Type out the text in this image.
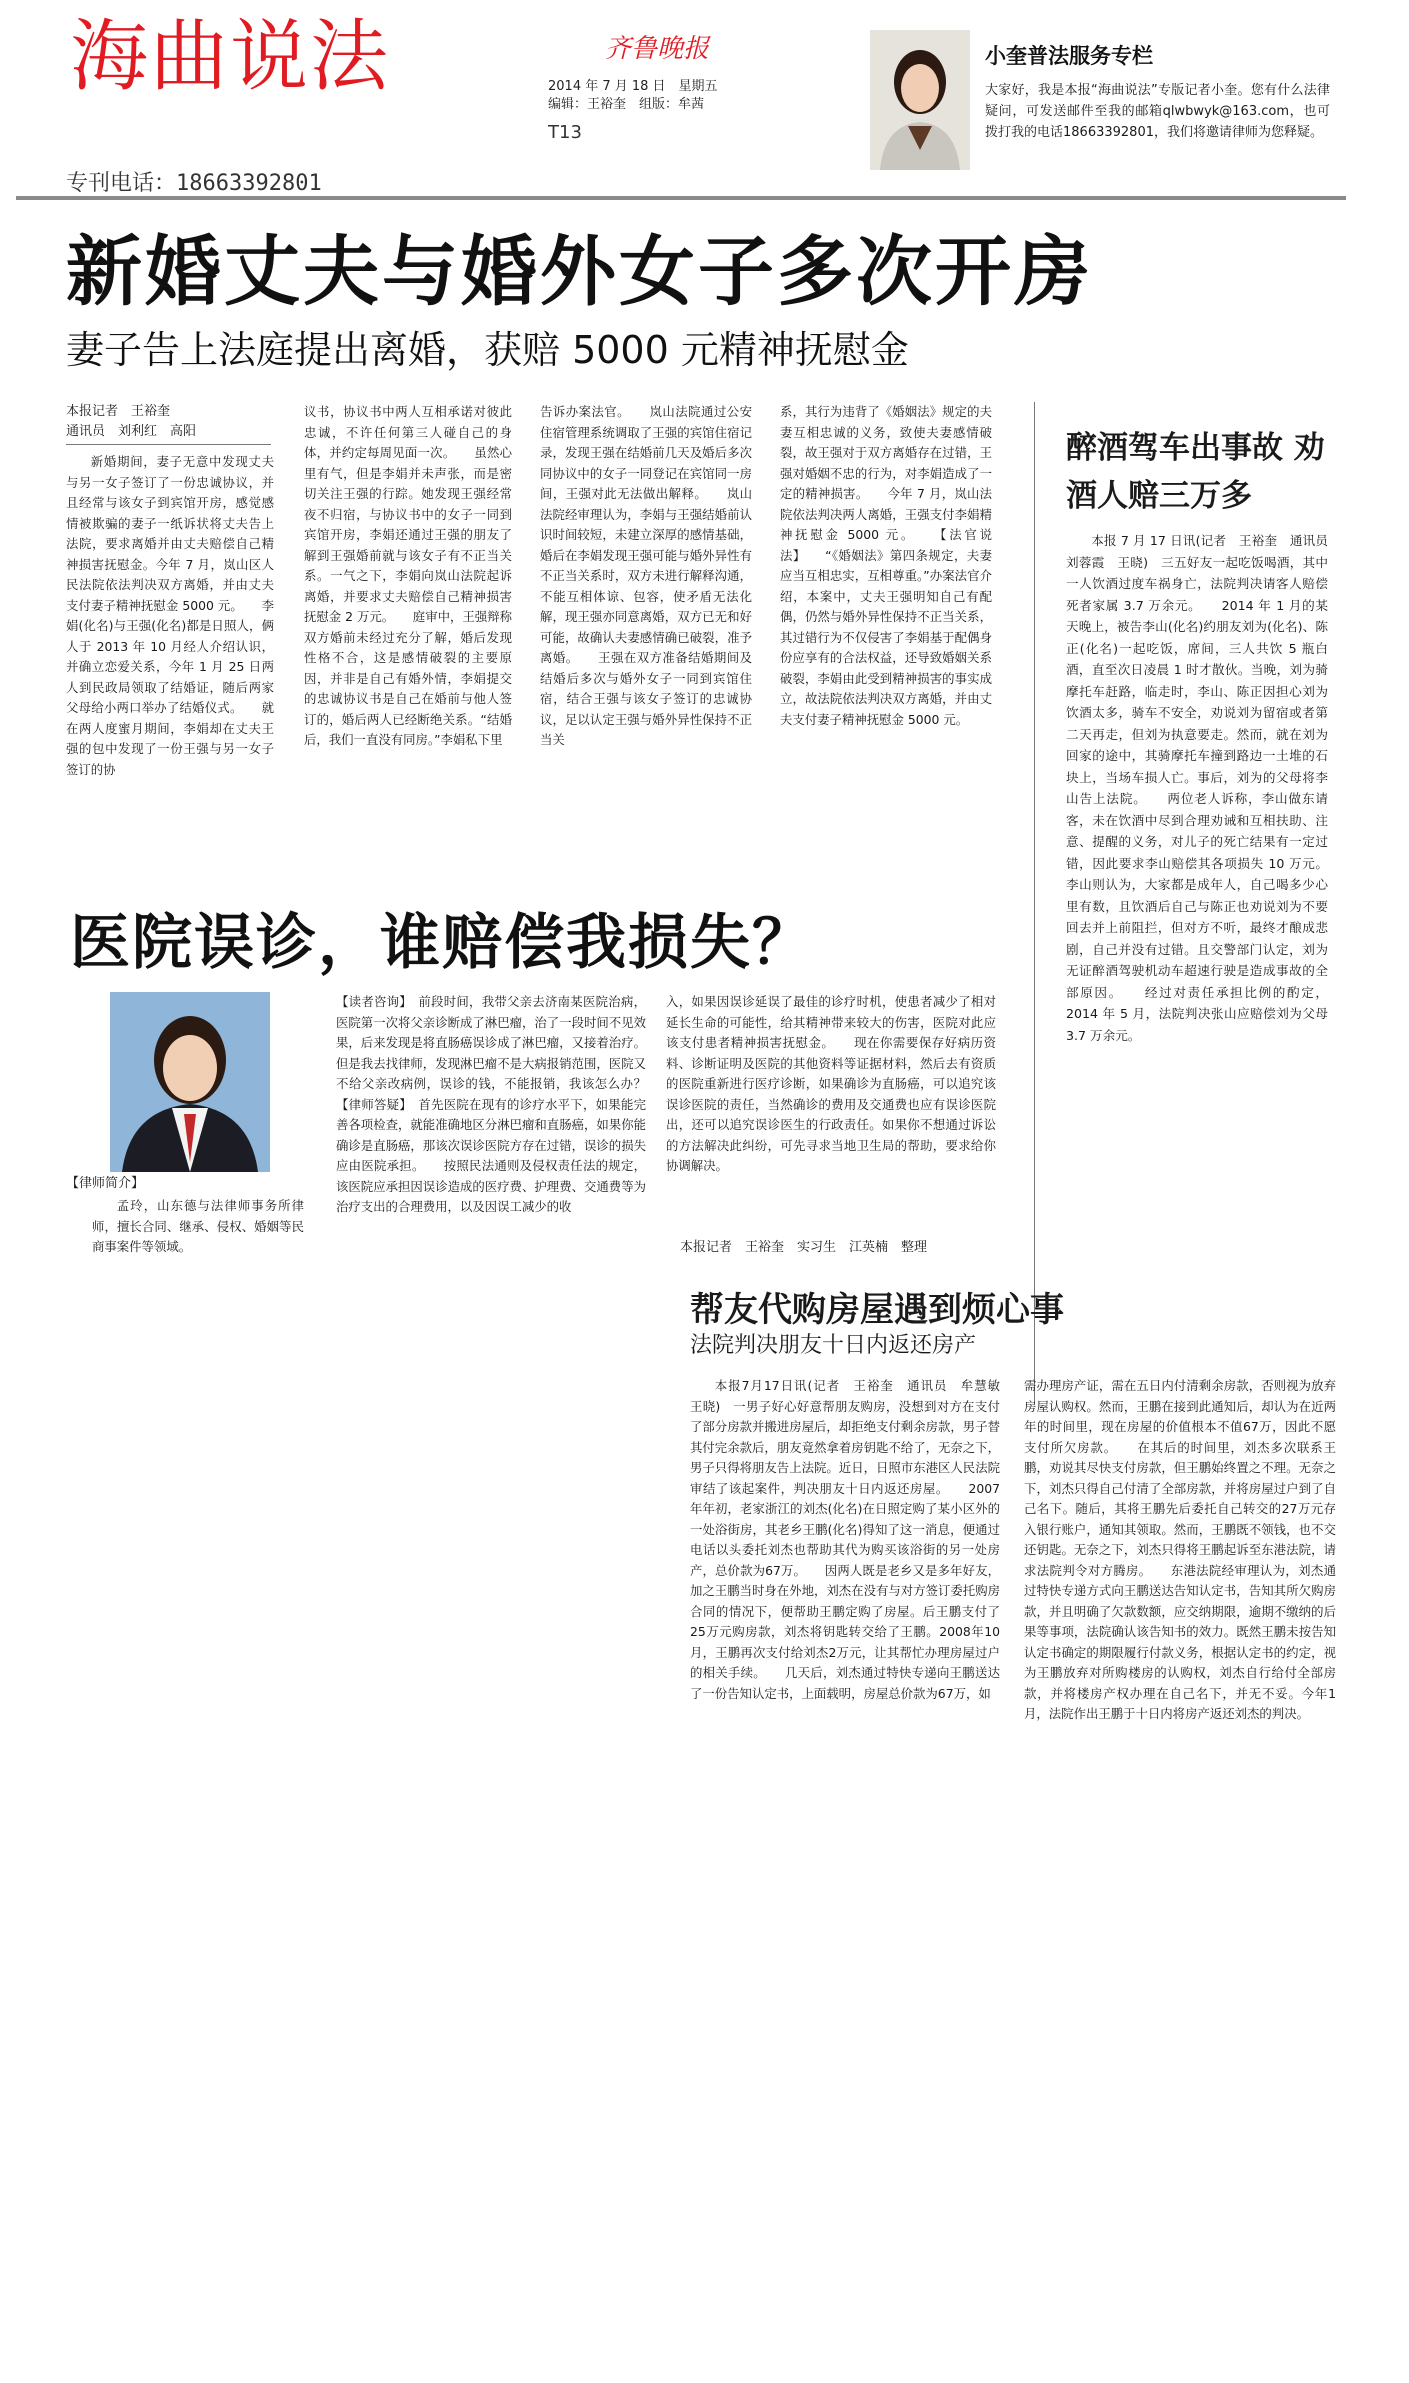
海曲说法	齐鲁晚报
2014 年 7 月 18 日　星期五
编辑：王裕奎　组版：牟茜
T13
专刊电话：18663392801
小奎普法服务专栏
大家好，我是本报“海曲说法”专版记者小奎。您有什么法律疑问，可发送邮件至我的邮箱qlwbwyk@163.com，也可拨打我的电话18663392801，我们将邀请律师为您释疑。
新婚丈夫与婚外女子多次开房
妻子告上法庭提出离婚，获赔 5000 元精神抚慰金
本报记者　王裕奎
通讯员　刘利红　高阳
新婚期间，妻子无意中发现丈夫与另一女子签订了一份忠诚协议，并且经常与该女子到宾馆开房，感觉感情被欺骗的妻子一纸诉状将丈夫告上法院，要求离婚并由丈夫赔偿自己精神损害抚慰金。今年 7 月，岚山区人民法院依法判决双方离婚，并由丈夫支付妻子精神抚慰金 5000 元。　　李娟(化名)与王强(化名)都是日照人，俩人于 2013 年 10 月经人介绍认识，并确立恋爱关系，今年 1 月 25 日两人到民政局领取了结婚证，随后两家父母给小两口举办了结婚仪式。　　就在两人度蜜月期间，李娟却在丈夫王强的包中发现了一份王强与另一女子签订的协
议书，协议书中两人互相承诺对彼此忠诚，不许任何第三人碰自己的身体，并约定每周见面一次。　　虽然心里有气，但是李娟并未声张，而是密切关注王强的行踪。她发现王强经常夜不归宿，与协议书中的女子一同到宾馆开房，李娟还通过王强的朋友了解到王强婚前就与该女子有不正当关系。一气之下，李娟向岚山法院起诉离婚，并要求丈夫赔偿自己精神损害抚慰金 2 万元。　　庭审中，王强辩称双方婚前未经过充分了解，婚后发现性格不合，这是感情破裂的主要原因，并非是自己有婚外情，李娟提交的忠诚协议书是自己在婚前与他人签订的，婚后两人已经断绝关系。“结婚后，我们一直没有同房。”李娟私下里
告诉办案法官。　　岚山法院通过公安住宿管理系统调取了王强的宾馆住宿记录，发现王强在结婚前几天及婚后多次同协议中的女子一同登记在宾馆同一房间，王强对此无法做出解释。　　岚山法院经审理认为，李娟与王强结婚前认识时间较短，未建立深厚的感情基础，婚后在李娟发现王强可能与婚外异性有不正当关系时，双方未进行解释沟通，不能互相体谅、包容，使矛盾无法化解，现王强亦同意离婚，双方已无和好可能，故确认夫妻感情确已破裂，准予离婚。　　王强在双方准备结婚期间及结婚后多次与婚外女子一同到宾馆住宿，结合王强与该女子签订的忠诚协议，足以认定王强与婚外异性保持不正当关
系，其行为违背了《婚姻法》规定的夫妻互相忠诚的义务，致使夫妻感情破裂，故王强对于双方离婚存在过错，王强对婚姻不忠的行为，对李娟造成了一定的精神损害。　　今年 7 月，岚山法院依法判决两人离婚，王强支付李娟精神抚慰金 5000 元。　　【法官说法】　　“《婚姻法》第四条规定，夫妻应当互相忠实，互相尊重。”办案法官介绍，本案中，丈夫王强明知自己有配偶，仍然与婚外异性保持不正当关系，其过错行为不仅侵害了李娟基于配偶身份应享有的合法权益，还导致婚姻关系破裂，李娟由此受到精神损害的事实成立，故法院依法判决双方离婚，并由丈夫支付妻子精神抚慰金 5000 元。
醉酒驾车出事故 劝酒人赔三万多
本报 7 月 17 日讯(记者　王裕奎　通讯员　刘蓉霞　王晓)　三五好友一起吃饭喝酒，其中一人饮酒过度车祸身亡，法院判决请客人赔偿死者家属 3.7 万余元。　　2014 年 1 月的某天晚上，被告李山(化名)约朋友刘为(化名)、陈正(化名)一起吃饭，席间，三人共饮 5 瓶白酒，直至次日凌晨 1 时才散伙。当晚，刘为骑摩托车赶路，临走时，李山、陈正因担心刘为饮酒太多，骑车不安全，劝说刘为留宿或者第二天再走，但刘为执意要走。然而，就在刘为回家的途中，其骑摩托车撞到路边一土堆的石块上，当场车损人亡。事后，刘为的父母将李山告上法院。　　两位老人诉称，李山做东请客，未在饮酒中尽到合理劝诫和互相扶助、注意、提醒的义务，对儿子的死亡结果有一定过错，因此要求李山赔偿其各项损失 10 万元。李山则认为，大家都是成年人，自己喝多少心里有数，且饮酒后自己与陈正也劝说刘为不要回去并上前阻拦，但对方不听，最终才酿成悲剧，自己并没有过错。且交警部门认定，刘为无证醉酒驾驶机动车超速行驶是造成事故的全部原因。　　经过对责任承担比例的酌定，2014 年 5 月，法院判决张山应赔偿刘为父母 3.7 万余元。
医院误诊，谁赔偿我损失？
【律师简介】
孟玲，山东德与法律师事务所律师，擅长合同、继承、侵权、婚姻等民商事案件等领域。
【读者咨询】　前段时间，我带父亲去济南某医院治病，医院第一次将父亲诊断成了淋巴瘤，治了一段时间不见效果，后来发现是将直肠癌误诊成了淋巴瘤，又接着治疗。但是我去找律师，发现淋巴瘤不是大病报销范围，医院又不给父亲改病例，误诊的钱，不能报销，我该怎么办？　　【律师答疑】　首先医院在现有的诊疗水平下，如果能完善各项检查，就能准确地区分淋巴瘤和直肠癌，如果你能确诊是直肠癌，那该次误诊医院方存在过错，误诊的损失应由医院承担。　　按照民法通则及侵权责任法的规定，该医院应承担因误诊造成的医疗费、护理费、交通费等为治疗支出的合理费用，以及因误工减少的收
入，如果因误诊延误了最佳的诊疗时机，使患者减少了相对延长生命的可能性，给其精神带来较大的伤害，医院对此应该支付患者精神损害抚慰金。　　现在你需要保存好病历资料、诊断证明及医院的其他资料等证据材料，然后去有资质的医院重新进行医疗诊断，如果确诊为直肠癌，可以追究该误诊医院的责任，当然确诊的费用及交通费也应有误诊医院出，还可以追究误诊医生的行政责任。如果你不想通过诉讼的方法解决此纠纷，可先寻求当地卫生局的帮助，要求给你协调解决。
本报记者　王裕奎　实习生　江英楠　整理
帮友代购房屋遇到烦心事
法院判决朋友十日内返还房产
本报7月17日讯(记者　王裕奎　通讯员　牟慧敏　王晓)　一男子好心好意帮朋友购房，没想到对方在支付了部分房款并搬进房屋后，却拒绝支付剩余房款，男子替其付完余款后，朋友竟然拿着房钥匙不给了，无奈之下，男子只得将朋友告上法院。近日，日照市东港区人民法院审结了该起案件，判决朋友十日内返还房屋。　　2007年年初，老家浙江的刘杰(化名)在日照定购了某小区外的一处浴街房，其老乡王鹏(化名)得知了这一消息，便通过电话以头委托刘杰也帮助其代为购买该浴街的另一处房产，总价款为67万。　　因两人既是老乡又是多年好友，加之王鹏当时身在外地，刘杰在没有与对方签订委托购房合同的情况下，便帮助王鹏定购了房屋。后王鹏支付了25万元购房款，刘杰将钥匙转交给了王鹏。2008年10月，王鹏再次支付给刘杰2万元，让其帮忙办理房屋过户的相关手续。　　几天后，刘杰通过特快专递向王鹏送达了一份告知认定书，上面载明，房屋总价款为67万，如
需办理房产证，需在五日内付清剩余房款，否则视为放弃房屋认购权。然而，王鹏在接到此通知后，却认为在近两年的时间里，现在房屋的价值根本不值67万，因此不愿支付所欠房款。　　在其后的时间里，刘杰多次联系王鹏，劝说其尽快支付房款，但王鹏始终置之不理。无奈之下，刘杰只得自己付清了全部房款，并将房屋过户到了自己名下。随后，其将王鹏先后委托自己转交的27万元存入银行账户，通知其领取。然而，王鹏既不领钱，也不交还钥匙。无奈之下，刘杰只得将王鹏起诉至东港法院，请求法院判令对方腾房。　　东港法院经审理认为，刘杰通过特快专递方式向王鹏送达告知认定书，告知其所欠购房款，并且明确了欠款数额，应交纳期限，逾期不缴纳的后果等事项，法院确认该告知书的效力。既然王鹏未按告知认定书确定的期限履行付款义务，根据认定书的约定，视为王鹏放弃对所购楼房的认购权，刘杰自行给付全部房款，并将楼房产权办理在自己名下，并无不妥。今年1月，法院作出王鹏于十日内将房产返还刘杰的判决。
